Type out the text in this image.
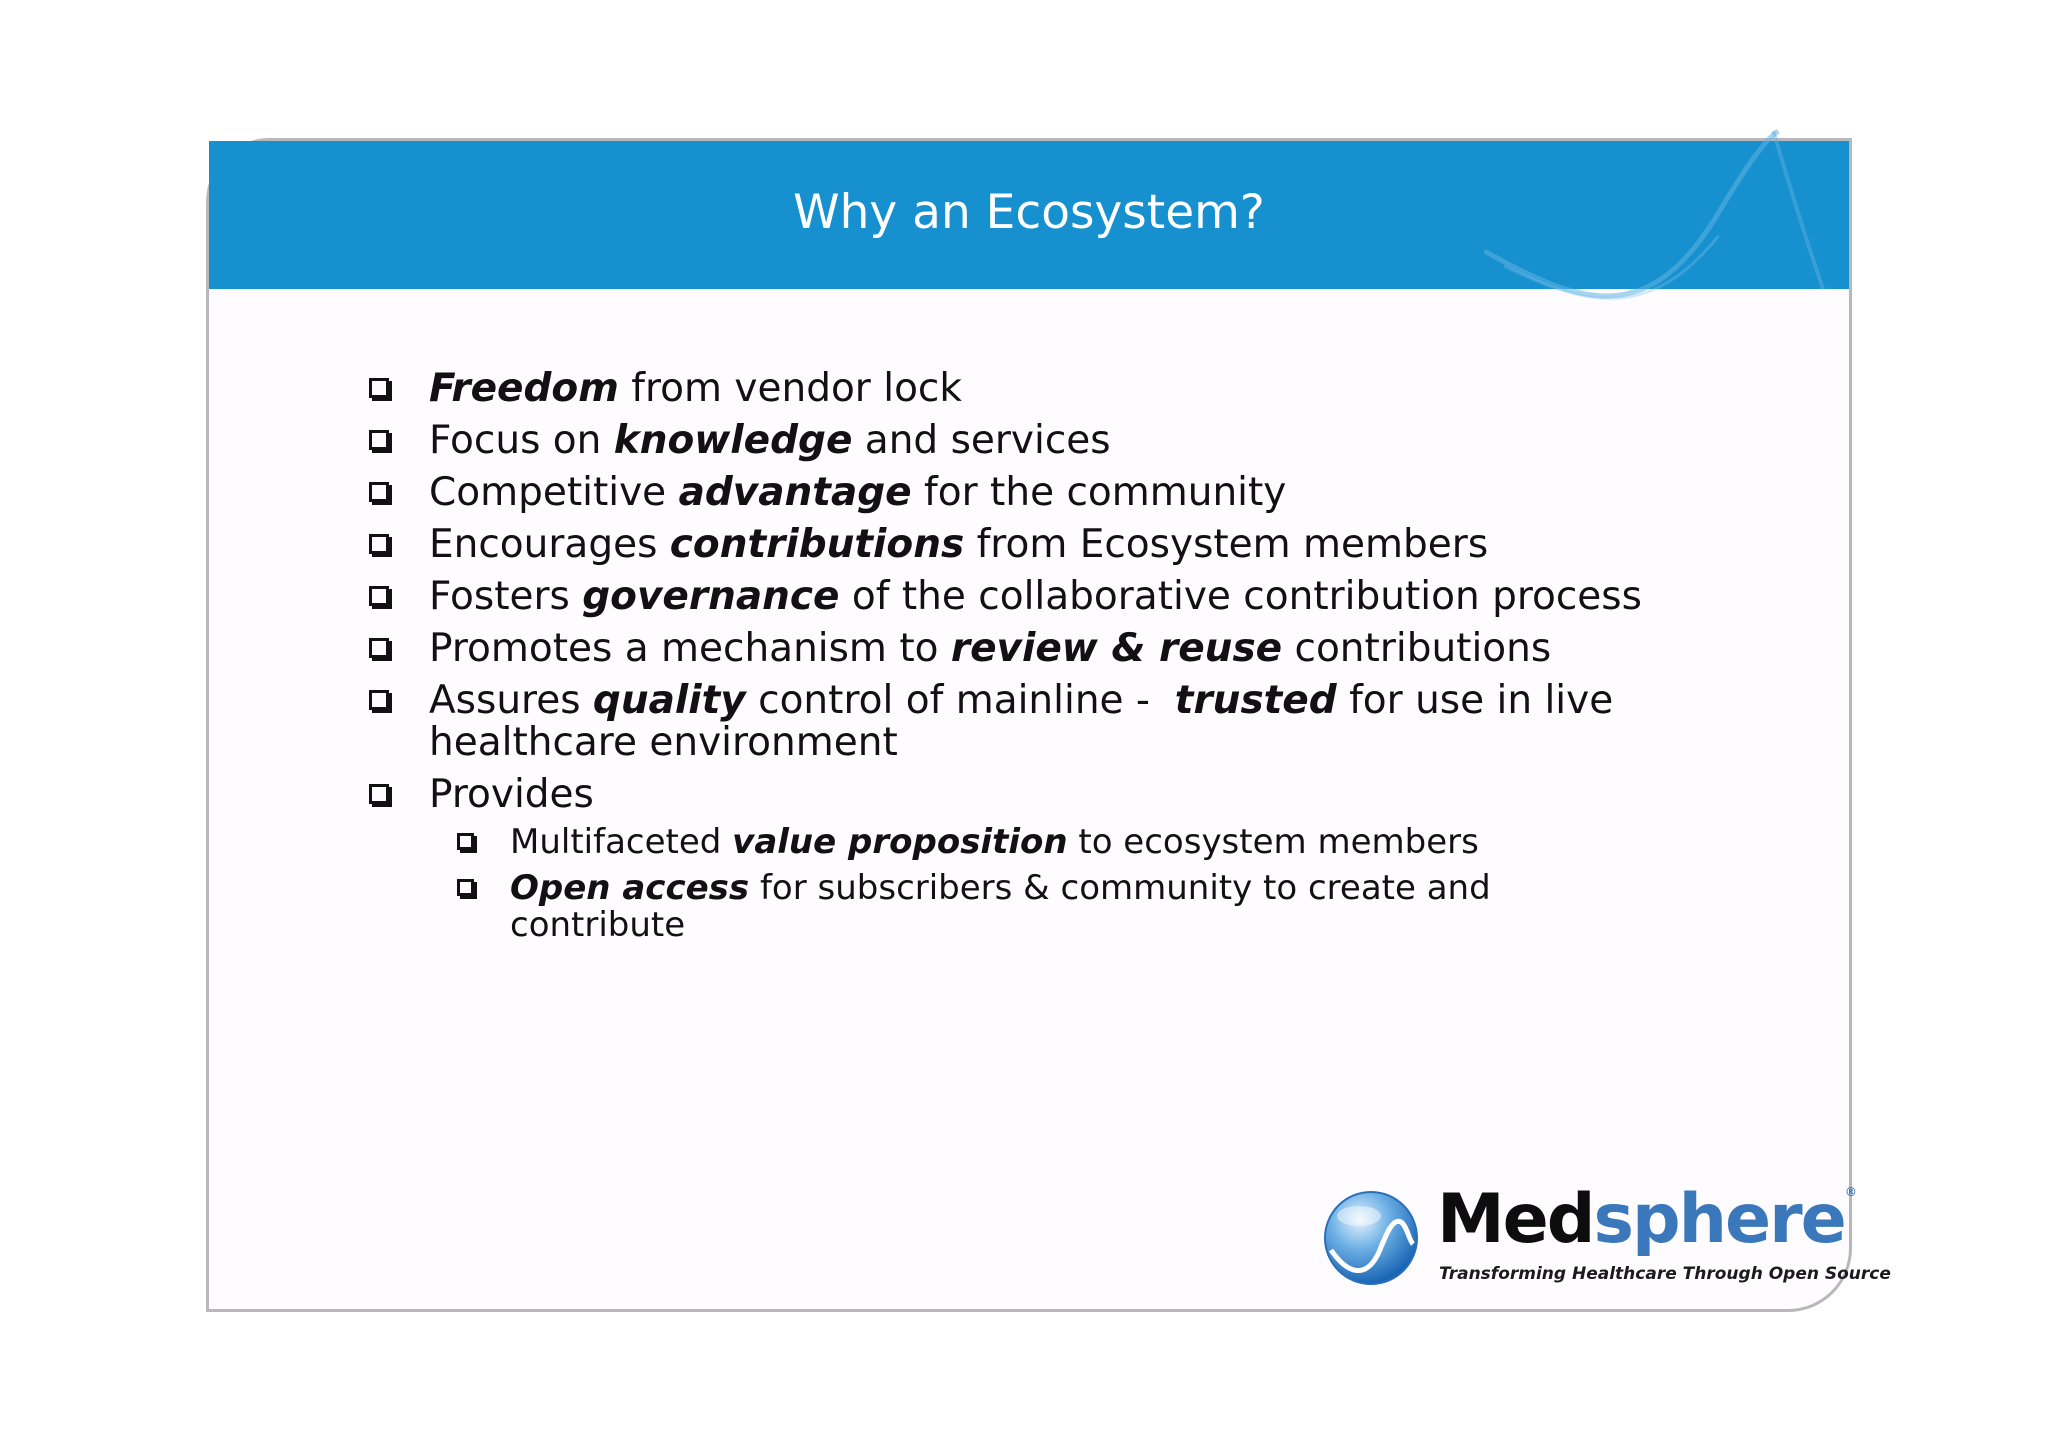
Why an Ecosystem?
Freedom from vendor lock
Focus on knowledge and services
Competitive advantage for the community
Encourages contributions from Ecosystem members
Fosters governance of the collaborative contribution process
Promotes a mechanism to review & reuse contributions
Assures quality control of mainline -  trusted for use in live healthcare environment
Provides
Multifaceted value proposition to ecosystem members
Open access for subscribers & community to create and contribute
Medsphere®
Transforming Healthcare Through Open Source
